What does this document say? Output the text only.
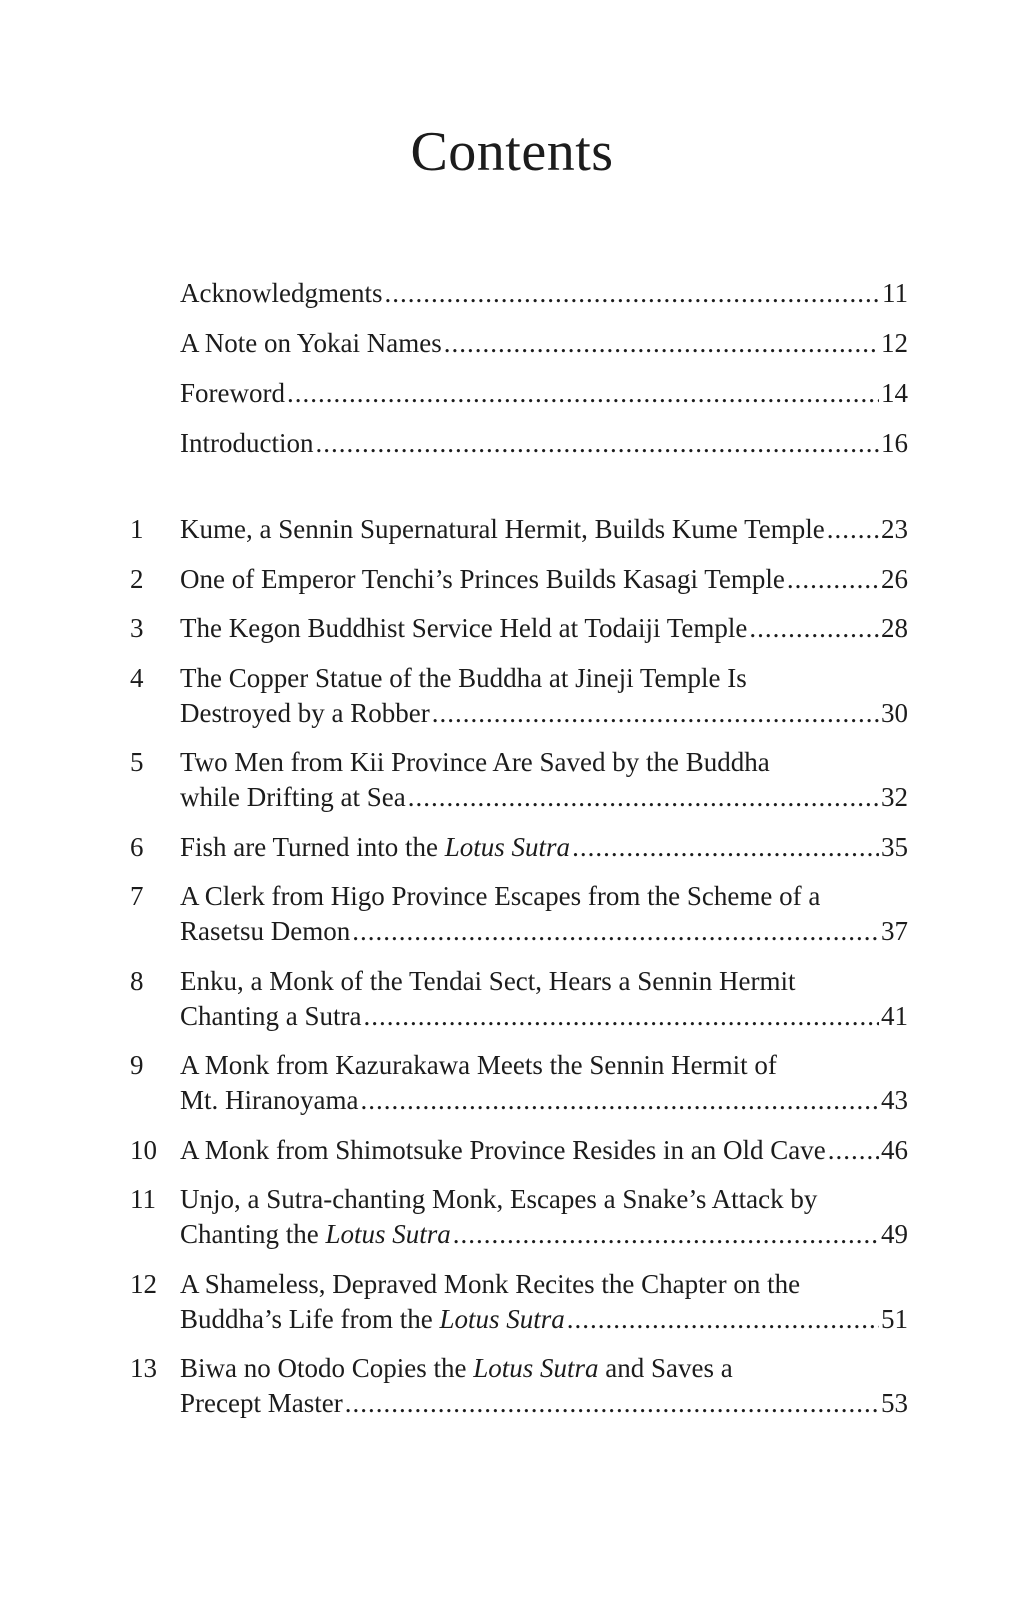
Contents
Acknowledgments .....	11
A Note on Yokai Names .....	12
Foreword .....	14
Introduction .....	16
1	Kume, a Sennin Supernatural Hermit, Builds Kume Temple ..... 23
2	One of Emperor Tenchi’s Princes Builds Kasagi Temple .....	26
3	The Kegon Buddhist Service Held at Todaiji Temple .....	28
4	The Copper Statue of the Buddha at Jineji Temple Is
Destroyed by a Robber .....	30
5	Two Men from Kii Province Are Saved by the Buddha
while Drifting at Sea .....	32
6	Fish are Turned into the Lotus Sutra .....	35
7	A Clerk from Higo Province Escapes from the Scheme of a
Rasetsu Demon .....	37
8	Enku, a Monk of the Tendai Sect, Hears a Sennin Hermit
Chanting a Sutra .....	41
9	A Monk from Kazurakawa Meets the Sennin Hermit of
Mt. Hiranoyama .....	43
10 A Monk from Shimotsuke Province Resides in an Old Cave ..... 46
11 Unjo, a Sutra-chanting Monk, Escapes a Snake’s Attack by
Chanting the Lotus Sutra .....	49
12 A Shameless, Depraved Monk Recites the Chapter on the
Buddha’s Life from the Lotus Sutra .....	51
13 Biwa no Otodo Copies the Lotus Sutra and Saves a
Precept Master .....	53
